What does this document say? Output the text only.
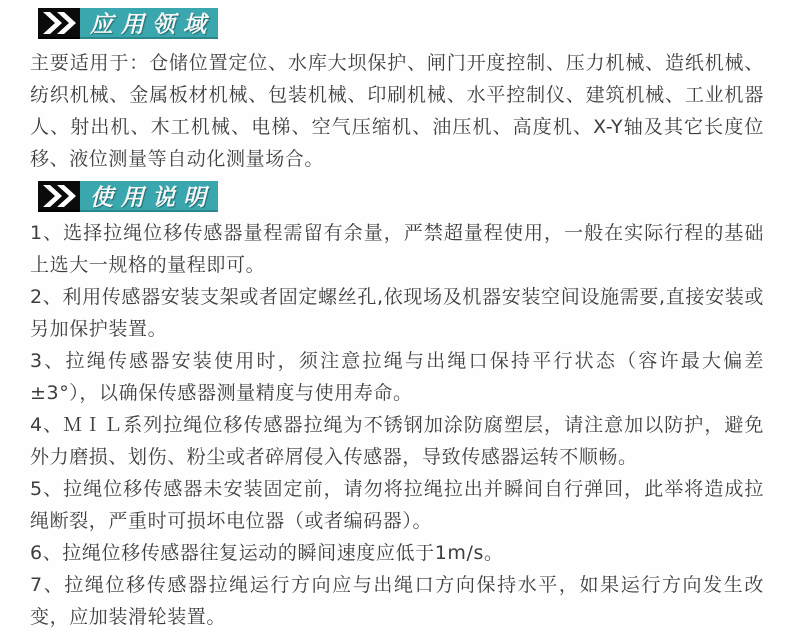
应用领域

主要适用于：仓储位置定位、水库大坝保护、闸门开度控制、压力机械、造纸机械、纺织机械、金属板材机械、包装机械、印刷机械、水平控制仪、建筑机械、工业机器人、射出机、木工机械、电梯、空气压缩机、油压机、高度机、X-Y轴及其它长度位移、液位测量等自动化测量场合。

使用说明

1、选择拉绳位移传感器量程需留有余量，严禁超量程使用，一般在实际行程的基础上选大一规格的量程即可。

2、利用传感器安装支架或者固定螺丝孔,依现场及机器安装空间设施需要,直接安装或另加保护装置。

3、拉绳传感器安装使用时，须注意拉绳与出绳口保持平行状态（容许最大偏差±3°），以确保传感器测量精度与使用寿命。

4、ＭＩＬ系列拉绳位移传感器拉绳为不锈钢加涂防腐塑层，请注意加以防护，避免外力磨损、划伤、粉尘或者碎屑侵入传感器，导致传感器运转不顺畅。

5、拉绳位移传感器未安装固定前，请勿将拉绳拉出并瞬间自行弹回，此举将造成拉绳断裂，严重时可损坏电位器（或者编码器）。

6、拉绳位移传感器往复运动的瞬间速度应低于1m/s。

7、拉绳位移传感器拉绳运行方向应与出绳口方向保持水平，如果运行方向发生改变，应加装滑轮装置。
